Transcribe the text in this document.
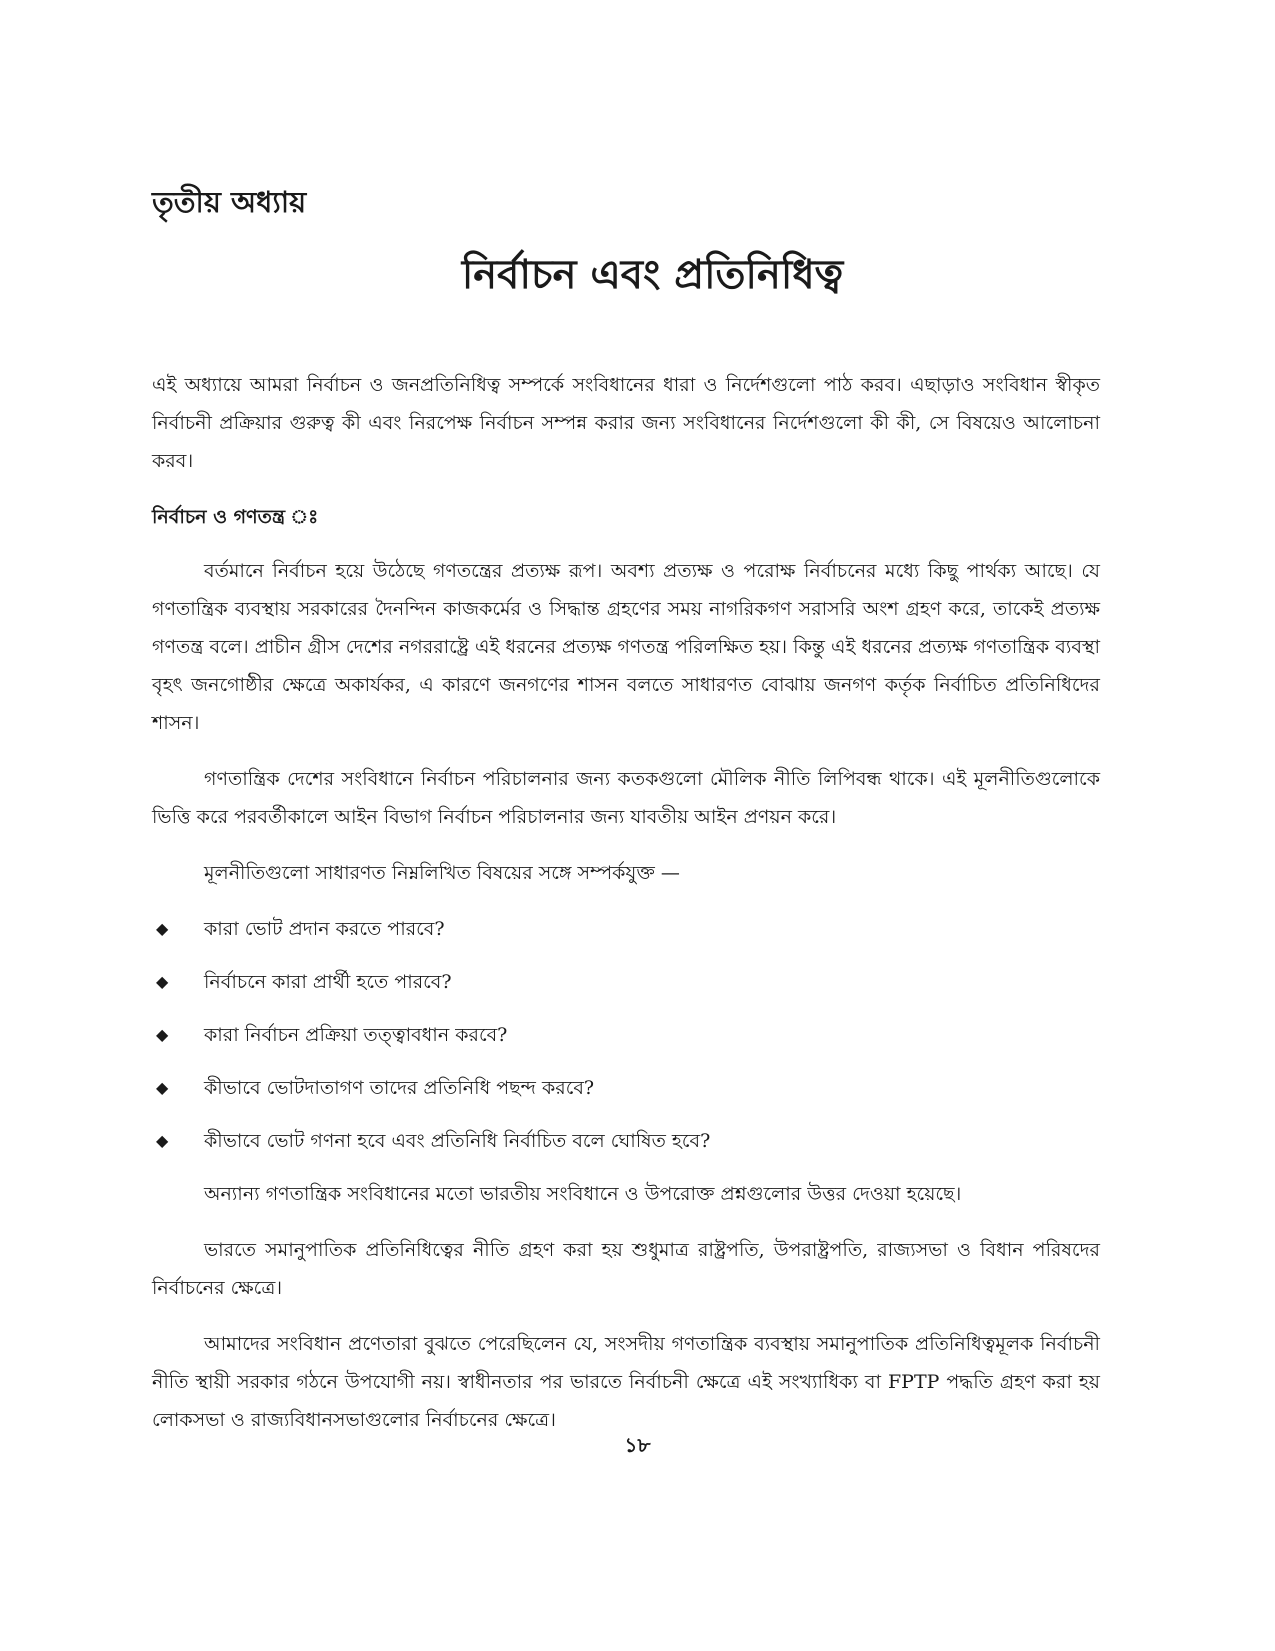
তৃতীয় অধ্যায়
নির্বাচন এবং প্রতিনিধিত্ব

এই অধ্যায়ে আমরা নির্বাচন ও জনপ্রতিনিধিত্ব সম্পর্কে সংবিধানের ধারা ও নির্দেশগুলো পাঠ করব। এছাড়াও সংবিধান স্বীকৃত নির্বাচনী প্রক্রিয়ার গুরুত্ব কী এবং নিরপেক্ষ নির্বাচন সম্পন্ন করার জন্য সংবিধানের নির্দেশগুলো কী কী, সে বিষয়েও আলোচনা করব।

নির্বাচন ও গণতন্ত্র ঃ

বর্তমানে নির্বাচন হয়ে উঠেছে গণতন্ত্রের প্রত্যক্ষ রূপ। অবশ্য প্রত্যক্ষ ও পরোক্ষ নির্বাচনের মধ্যে কিছু পার্থক্য আছে। যে গণতান্ত্রিক ব্যবস্থায় সরকারের দৈনন্দিন কাজকর্মের ও সিদ্ধান্ত গ্রহণের সময় নাগরিকগণ সরাসরি অংশ গ্রহণ করে, তাকেই প্রত্যক্ষ গণতন্ত্র বলে। প্রাচীন গ্রীস দেশের নগররাষ্ট্রে এই ধরনের প্রত্যক্ষ গণতন্ত্র পরিলক্ষিত হয়। কিন্তু এই ধরনের প্রত্যক্ষ গণতান্ত্রিক ব্যবস্থা বৃহৎ জনগোষ্ঠীর ক্ষেত্রে অকার্যকর, এ কারণে জনগণের শাসন বলতে সাধারণত বোঝায় জনগণ কর্তৃক নির্বাচিত প্রতিনিধিদের শাসন।

গণতান্ত্রিক দেশের সংবিধানে নির্বাচন পরিচালনার জন্য কতকগুলো মৌলিক নীতি লিপিবন্ধ থাকে। এই মূলনীতিগুলোকে ভিত্তি করে পরবর্তীকালে আইন বিভাগ নির্বাচন পরিচালনার জন্য যাবতীয় আইন প্রণয়ন করে।

মূলনীতিগুলো সাধারণত নিম্নলিখিত বিষয়ের সঙ্গে সম্পর্কযুক্ত —

◆ কারা ভোট প্রদান করতে পারবে?
◆ নির্বাচনে কারা প্রার্থী হতে পারবে?
◆ কারা নির্বাচন প্রক্রিয়া তত্ত্বাবধান করবে?
◆ কীভাবে ভোটদাতাগণ তাদের প্রতিনিধি পছন্দ করবে?
◆ কীভাবে ভোট গণনা হবে এবং প্রতিনিধি নির্বাচিত বলে ঘোষিত হবে?

অন্যান্য গণতান্ত্রিক সংবিধানের মতো ভারতীয় সংবিধানে ও উপরোক্ত প্রশ্নগুলোর উত্তর দেওয়া হয়েছে।

ভারতে সমানুপাতিক প্রতিনিধিত্বের নীতি গ্রহণ করা হয় শুধুমাত্র রাষ্ট্রপতি, উপরাষ্ট্রপতি, রাজ্যসভা ও বিধান পরিষদের নির্বাচনের ক্ষেত্রে।

আমাদের সংবিধান প্রণেতারা বুঝতে পেরেছিলেন যে, সংসদীয় গণতান্ত্রিক ব্যবস্থায় সমানুপাতিক প্রতিনিধিত্বমূলক নির্বাচনী নীতি স্থায়ী সরকার গঠনে উপযোগী নয়। স্বাধীনতার পর ভারতে নির্বাচনী ক্ষেত্রে এই সংখ্যাধিক্য বা FPTP পদ্ধতি গ্রহণ করা হয় লোকসভা ও রাজ্যবিধানসভাগুলোর নির্বাচনের ক্ষেত্রে।

১৮
